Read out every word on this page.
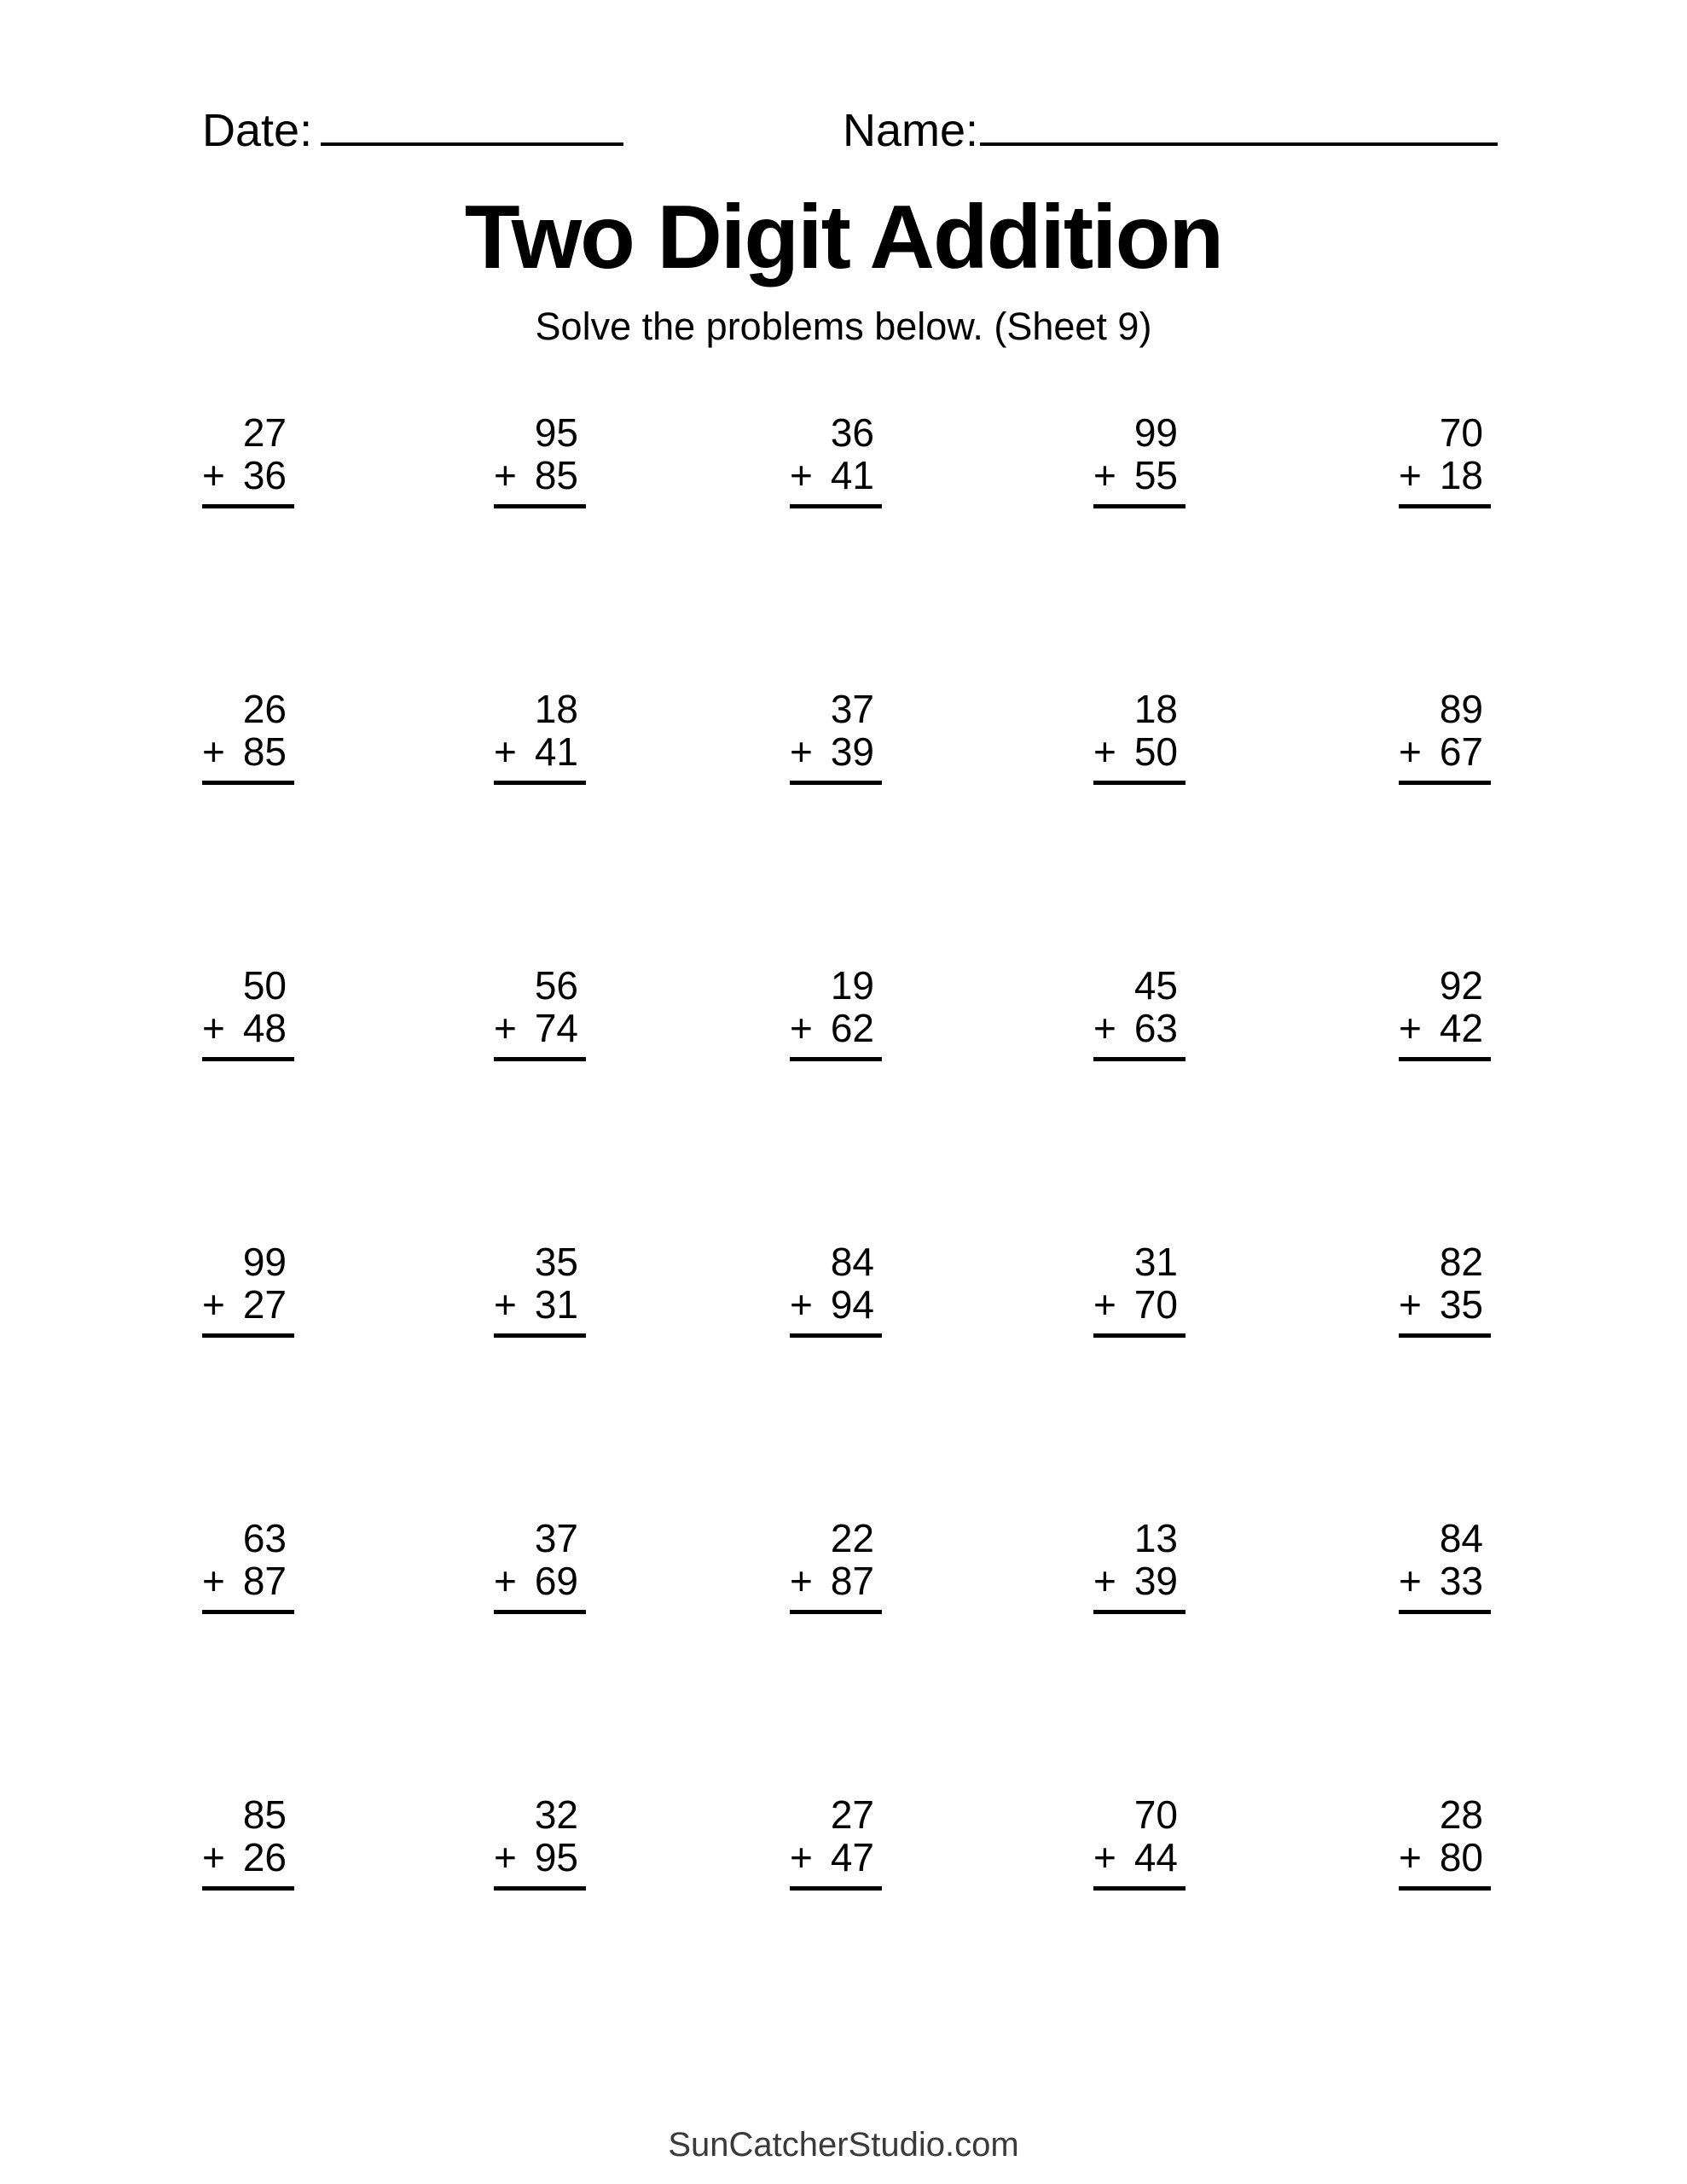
Date:	Name:
Two Digit Addition
Solve the problems below. (Sheet 9)
27
+ 36
95
+ 85
36
+ 41
99
+ 55
70
+ 18
26
+ 85
18
+ 41
37
+ 39
18
+ 50
89
+ 67
50
+ 48
56
+ 74
19
+ 62
45
+ 63
92
+ 42
99
+ 27
35
+ 31
84
+ 94
31
+ 70
82
+ 35
63
+ 87
37
+ 69
22
+ 87
13
+ 39
84
+ 33
85
+ 26
32
+ 95
27
+ 47
70
+ 44
28
+ 80
SunCatcherStudio.com
